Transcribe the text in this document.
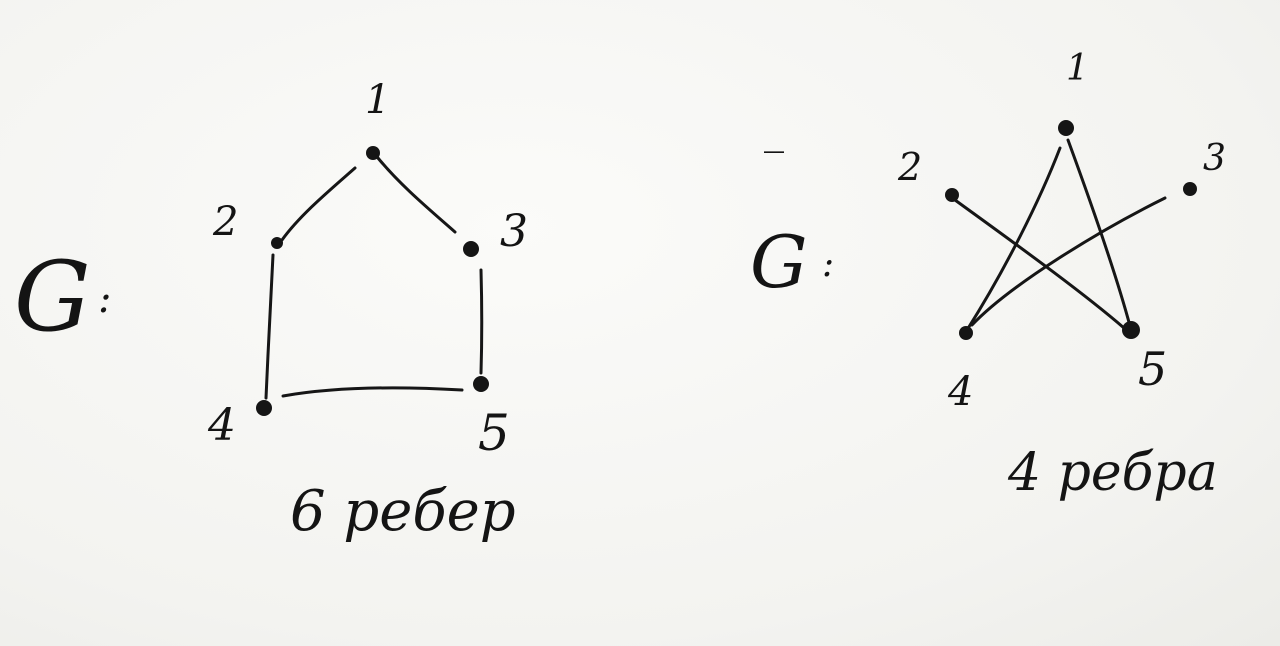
G :
1
2	3
4	5
6 ребер
‾
G :
1
2	3
4	5
4 ребра
